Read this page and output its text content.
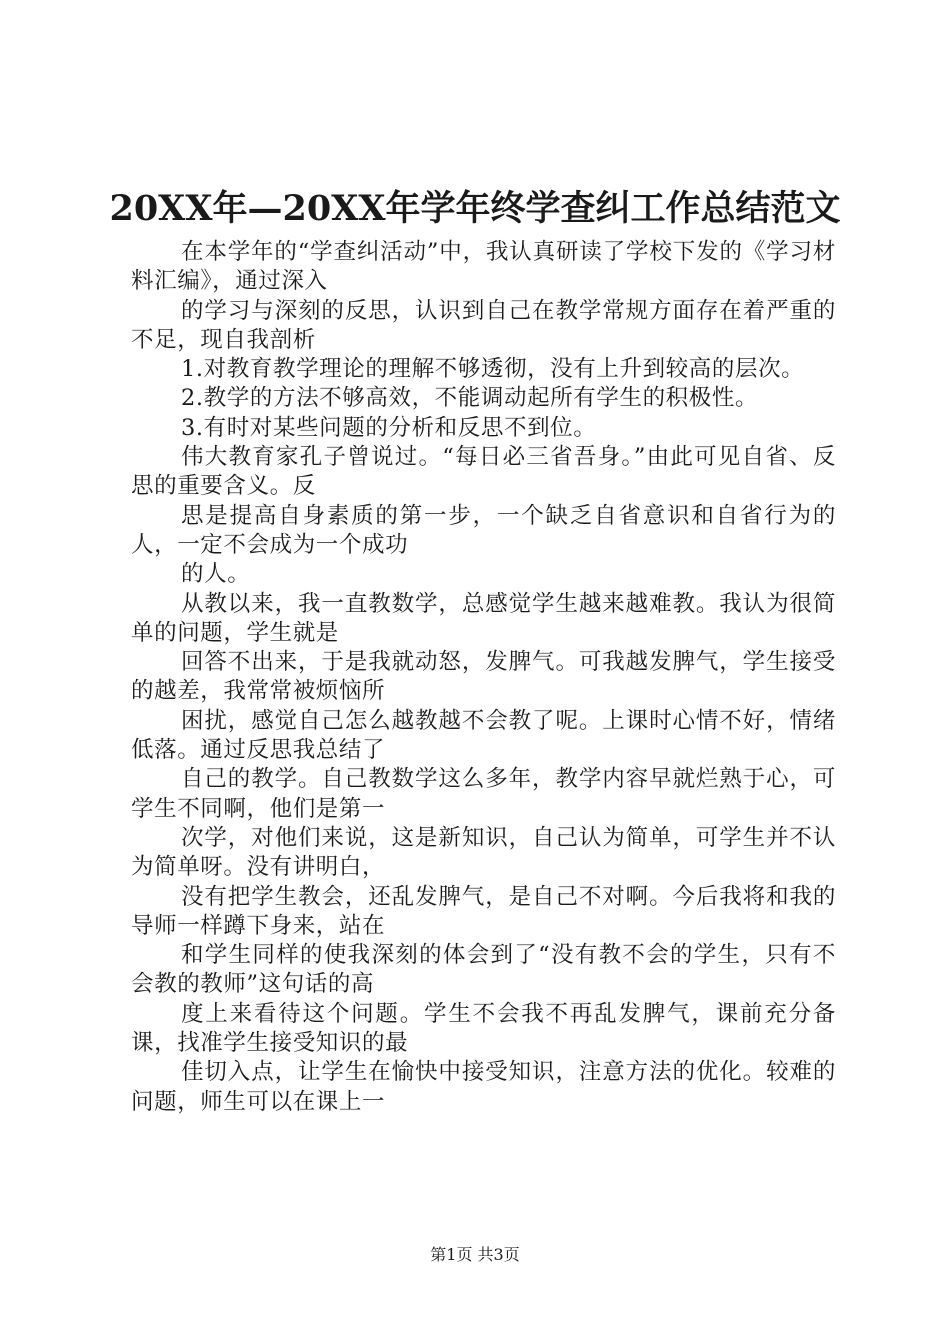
20XX年—20XX年学年终学查纠工作总结范文

在本学年的“学查纠活动”中，我认真研读了学校下发的《学习材料汇编》，通过深入

的学习与深刻的反思，认识到自己在教学常规方面存在着严重的不足，现自我剖析

1.对教育教学理论的理解不够透彻，没有上升到较高的层次。

2.教学的方法不够高效，不能调动起所有学生的积极性。

3.有时对某些问题的分析和反思不到位。

伟大教育家孔子曾说过。“每日必三省吾身。”由此可见自省、反思的重要含义。反

思是提高自身素质的第一步，一个缺乏自省意识和自省行为的人，一定不会成为一个成功

的人。

从教以来，我一直教数学，总感觉学生越来越难教。我认为很简单的问题，学生就是

回答不出来，于是我就动怒，发脾气。可我越发脾气，学生接受的越差，我常常被烦恼所

困扰，感觉自己怎么越教越不会教了呢。上课时心情不好，情绪低落。通过反思我总结了

自己的教学。自己教数学这么多年，教学内容早就烂熟于心，可学生不同啊，他们是第一

次学，对他们来说，这是新知识，自己认为简单，可学生并不认为简单呀。没有讲明白，

没有把学生教会，还乱发脾气，是自己不对啊。今后我将和我的导师一样蹲下身来，站在

和学生同样的使我深刻的体会到了“没有教不会的学生，只有不会教的教师”这句话的高

度上来看待这个问题。学生不会我不再乱发脾气，课前充分备课，找准学生接受知识的最

佳切入点，让学生在愉快中接受知识，注意方法的优化。较难的问题，师生可以在课上一

第1页 共3页
